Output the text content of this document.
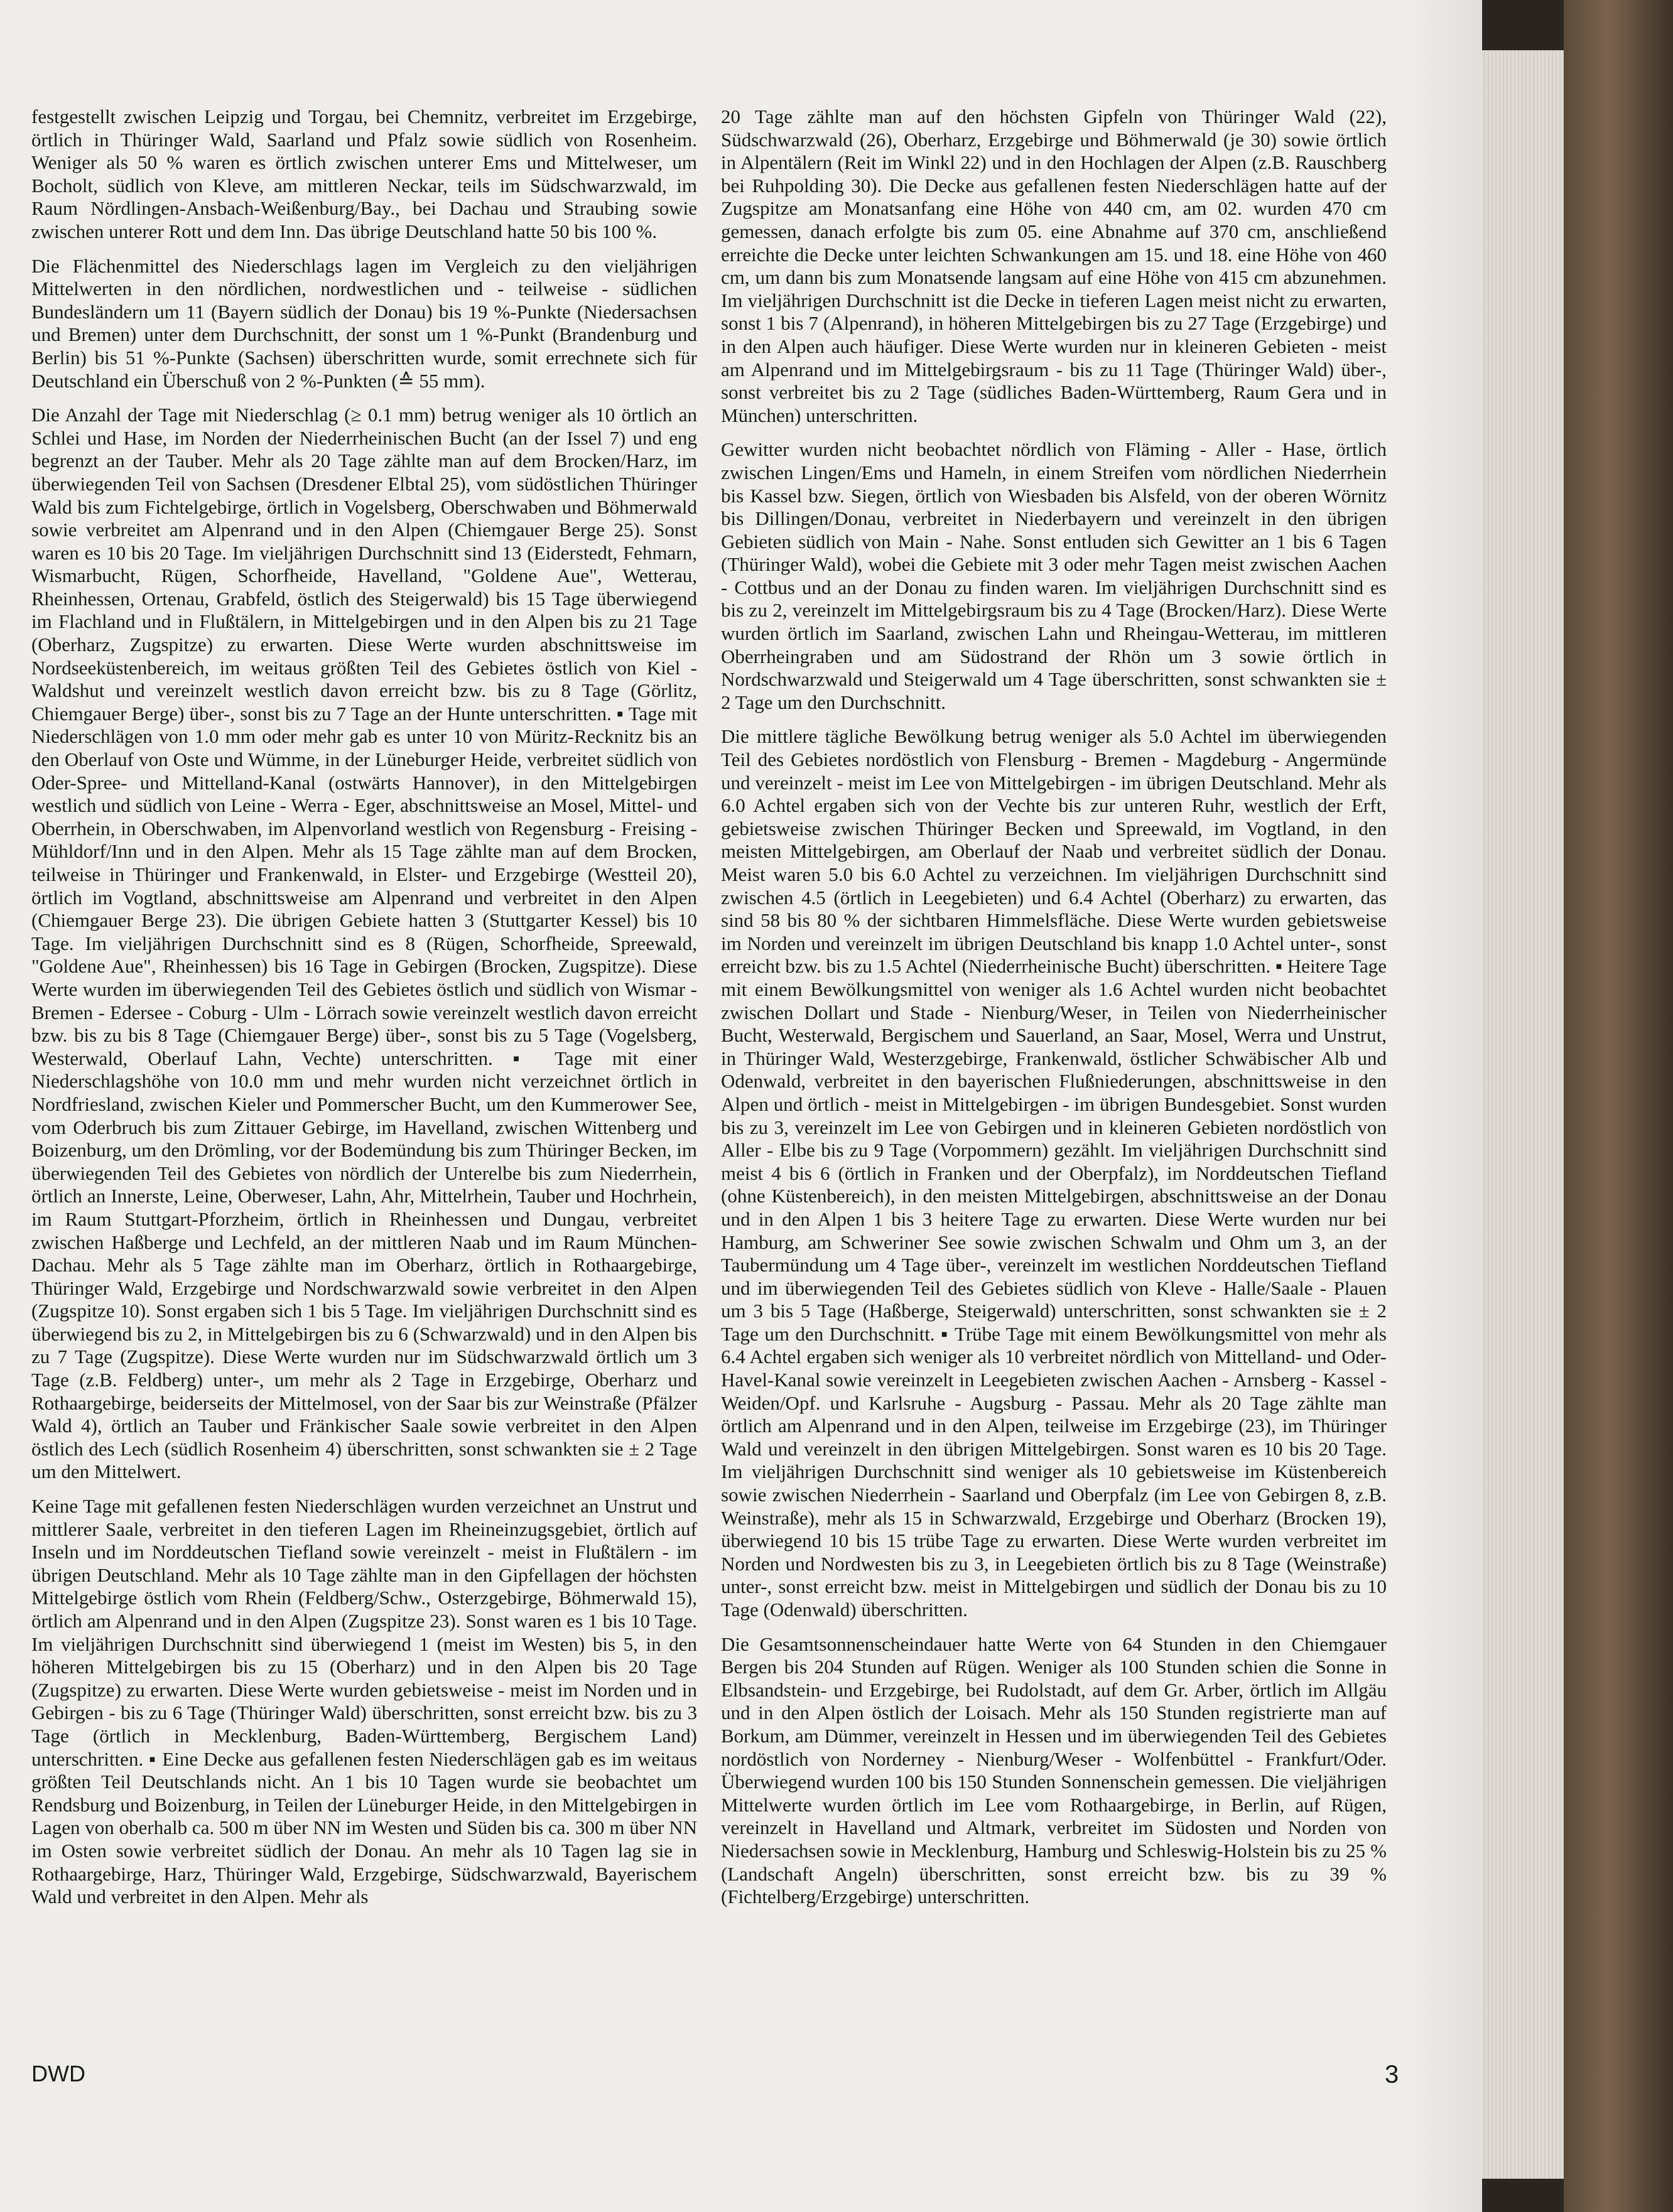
festgestellt zwischen Leipzig und Torgau, bei Chemnitz, verbreitet im Erzgebirge, örtlich in Thüringer Wald, Saarland und Pfalz sowie südlich von Rosenheim. Weniger als 50 % waren es örtlich zwischen unterer Ems und Mittelweser, um Bocholt, südlich von Kleve, am mittleren Neckar, teils im Südschwarzwald, im Raum Nördlingen-Ansbach-Weißenburg/Bay., bei Dachau und Straubing sowie zwischen unterer Rott und dem Inn. Das übrige Deutschland hatte 50 bis 100 %.

Die Flächenmittel des Niederschlags lagen im Vergleich zu den vieljährigen Mittelwerten in den nördlichen, nordwestlichen und - teilweise - südlichen Bundesländern um 11 (Bayern südlich der Donau) bis 19 %-Punkte (Niedersachsen und Bremen) unter dem Durchschnitt, der sonst um 1 %-Punkt (Brandenburg und Berlin) bis 51 %-Punkte (Sachsen) überschritten wurde, somit errechnete sich für Deutschland ein Überschuß von 2 %-Punkten (≙ 55 mm).

Die Anzahl der Tage mit Niederschlag (≥ 0.1 mm) betrug weniger als 10 örtlich an Schlei und Hase, im Norden der Niederrheinischen Bucht (an der Issel 7) und eng begrenzt an der Tauber. Mehr als 20 Tage zählte man auf dem Brocken/Harz, im überwiegenden Teil von Sachsen (Dresdener Elbtal 25), vom südöstlichen Thüringer Wald bis zum Fichtelgebirge, örtlich in Vogelsberg, Oberschwaben und Böhmerwald sowie verbreitet am Alpenrand und in den Alpen (Chiemgauer Berge 25). Sonst waren es 10 bis 20 Tage. Im vieljährigen Durchschnitt sind 13 (Eiderstedt, Fehmarn, Wismarbucht, Rügen, Schorfheide, Havelland, "Goldene Aue", Wetterau, Rheinhessen, Ortenau, Grabfeld, östlich des Steigerwald) bis 15 Tage überwiegend im Flachland und in Flußtälern, in Mittelgebirgen und in den Alpen bis zu 21 Tage (Oberharz, Zugspitze) zu erwarten. Diese Werte wurden abschnittsweise im Nordseeküstenbereich, im weitaus größten Teil des Gebietes östlich von Kiel - Waldshut und vereinzelt westlich davon erreicht bzw. bis zu 8 Tage (Görlitz, Chiemgauer Berge) über-, sonst bis zu 7 Tage an der Hunte unterschritten. ▪ Tage mit Niederschlägen von 1.0 mm oder mehr gab es unter 10 von Müritz-Recknitz bis an den Oberlauf von Oste und Wümme, in der Lüneburger Heide, verbreitet südlich von Oder-Spree- und Mittelland-Kanal (ostwärts Hannover), in den Mittelgebirgen westlich und südlich von Leine - Werra - Eger, abschnittsweise an Mosel, Mittel- und Oberrhein, in Oberschwaben, im Alpenvorland westlich von Regensburg - Freising - Mühldorf/Inn und in den Alpen. Mehr als 15 Tage zählte man auf dem Brocken, teilweise in Thüringer und Frankenwald, in Elster- und Erzgebirge (Westteil 20), örtlich im Vogtland, abschnittsweise am Alpenrand und verbreitet in den Alpen (Chiemgauer Berge 23). Die übrigen Gebiete hatten 3 (Stuttgarter Kessel) bis 10 Tage. Im vieljährigen Durchschnitt sind es 8 (Rügen, Schorfheide, Spreewald, "Goldene Aue", Rheinhessen) bis 16 Tage in Gebirgen (Brocken, Zugspitze). Diese Werte wurden im überwiegenden Teil des Gebietes östlich und südlich von Wismar - Bremen - Edersee - Coburg - Ulm - Lörrach sowie vereinzelt westlich davon erreicht bzw. bis zu bis 8 Tage (Chiemgauer Berge) über-, sonst bis zu 5 Tage (Vogelsberg, Westerwald, Oberlauf Lahn, Vechte) unterschritten. ▪ Tage mit einer Niederschlagshöhe von 10.0 mm und mehr wurden nicht verzeichnet örtlich in Nordfriesland, zwischen Kieler und Pommerscher Bucht, um den Kummerower See, vom Oderbruch bis zum Zittauer Gebirge, im Havelland, zwischen Wittenberg und Boizenburg, um den Drömling, vor der Bodemündung bis zum Thüringer Becken, im überwiegenden Teil des Gebietes von nördlich der Unterelbe bis zum Niederrhein, örtlich an Innerste, Leine, Oberweser, Lahn, Ahr, Mittelrhein, Tauber und Hochrhein, im Raum Stuttgart-Pforzheim, örtlich in Rheinhessen und Dungau, verbreitet zwischen Haßberge und Lechfeld, an der mittleren Naab und im Raum München-Dachau. Mehr als 5 Tage zählte man im Oberharz, örtlich in Rothaargebirge, Thüringer Wald, Erzgebirge und Nordschwarzwald sowie verbreitet in den Alpen (Zugspitze 10). Sonst ergaben sich 1 bis 5 Tage. Im vieljährigen Durchschnitt sind es überwiegend bis zu 2, in Mittelgebirgen bis zu 6 (Schwarzwald) und in den Alpen bis zu 7 Tage (Zugspitze). Diese Werte wurden nur im Südschwarzwald örtlich um 3 Tage (z.B. Feldberg) unter-, um mehr als 2 Tage in Erzgebirge, Oberharz und Rothaargebirge, beiderseits der Mittelmosel, von der Saar bis zur Weinstraße (Pfälzer Wald 4), örtlich an Tauber und Fränkischer Saale sowie verbreitet in den Alpen östlich des Lech (südlich Rosenheim 4) überschritten, sonst schwankten sie ± 2 Tage um den Mittelwert.

Keine Tage mit gefallenen festen Niederschlägen wurden verzeichnet an Unstrut und mittlerer Saale, verbreitet in den tieferen Lagen im Rheineinzugsgebiet, örtlich auf Inseln und im Norddeutschen Tiefland sowie vereinzelt - meist in Flußtälern - im übrigen Deutschland. Mehr als 10 Tage zählte man in den Gipfellagen der höchsten Mittelgebirge östlich vom Rhein (Feldberg/Schw., Osterzgebirge, Böhmerwald 15), örtlich am Alpenrand und in den Alpen (Zugspitze 23). Sonst waren es 1 bis 10 Tage. Im vieljährigen Durchschnitt sind überwiegend 1 (meist im Westen) bis 5, in den höheren Mittelgebirgen bis zu 15 (Oberharz) und in den Alpen bis 20 Tage (Zugspitze) zu erwarten. Diese Werte wurden gebietsweise - meist im Norden und in Gebirgen - bis zu 6 Tage (Thüringer Wald) überschritten, sonst erreicht bzw. bis zu 3 Tage (örtlich in Mecklenburg, Baden-Württemberg, Bergischem Land) unterschritten. ▪ Eine Decke aus gefallenen festen Niederschlägen gab es im weitaus größten Teil Deutschlands nicht. An 1 bis 10 Tagen wurde sie beobachtet um Rendsburg und Boizenburg, in Teilen der Lüneburger Heide, in den Mittelgebirgen in Lagen von oberhalb ca. 500 m über NN im Westen und Süden bis ca. 300 m über NN im Osten sowie verbreitet südlich der Donau. An mehr als 10 Tagen lag sie in Rothaargebirge, Harz, Thüringer Wald, Erzgebirge, Südschwarzwald, Bayerischem Wald und verbreitet in den Alpen. Mehr als

20 Tage zählte man auf den höchsten Gipfeln von Thüringer Wald (22), Südschwarzwald (26), Oberharz, Erzgebirge und Böhmerwald (je 30) sowie örtlich in Alpentälern (Reit im Winkl 22) und in den Hochlagen der Alpen (z.B. Rauschberg bei Ruhpolding 30). Die Decke aus gefallenen festen Niederschlägen hatte auf der Zugspitze am Monatsanfang eine Höhe von 440 cm, am 02. wurden 470 cm gemessen, danach erfolgte bis zum 05. eine Abnahme auf 370 cm, anschließend erreichte die Decke unter leichten Schwankungen am 15. und 18. eine Höhe von 460 cm, um dann bis zum Monatsende langsam auf eine Höhe von 415 cm abzunehmen. Im vieljährigen Durchschnitt ist die Decke in tieferen Lagen meist nicht zu erwarten, sonst 1 bis 7 (Alpenrand), in höheren Mittelgebirgen bis zu 27 Tage (Erzgebirge) und in den Alpen auch häufiger. Diese Werte wurden nur in kleineren Gebieten - meist am Alpenrand und im Mittelgebirgsraum - bis zu 11 Tage (Thüringer Wald) über-, sonst verbreitet bis zu 2 Tage (südliches Baden-Württemberg, Raum Gera und in München) unterschritten.

Gewitter wurden nicht beobachtet nördlich von Fläming - Aller - Hase, örtlich zwischen Lingen/Ems und Hameln, in einem Streifen vom nördlichen Niederrhein bis Kassel bzw. Siegen, örtlich von Wiesbaden bis Alsfeld, von der oberen Wörnitz bis Dillingen/Donau, verbreitet in Niederbayern und vereinzelt in den übrigen Gebieten südlich von Main - Nahe. Sonst entluden sich Gewitter an 1 bis 6 Tagen (Thüringer Wald), wobei die Gebiete mit 3 oder mehr Tagen meist zwischen Aachen - Cottbus und an der Donau zu finden waren. Im vieljährigen Durchschnitt sind es bis zu 2, vereinzelt im Mittelgebirgsraum bis zu 4 Tage (Brocken/Harz). Diese Werte wurden örtlich im Saarland, zwischen Lahn und Rheingau-Wetterau, im mittleren Oberrheingraben und am Südostrand der Rhön um 3 sowie örtlich in Nordschwarzwald und Steigerwald um 4 Tage überschritten, sonst schwankten sie ± 2 Tage um den Durchschnitt.

Die mittlere tägliche Bewölkung betrug weniger als 5.0 Achtel im überwiegenden Teil des Gebietes nordöstlich von Flensburg - Bremen - Magdeburg - Angermünde und vereinzelt - meist im Lee von Mittelgebirgen - im übrigen Deutschland. Mehr als 6.0 Achtel ergaben sich von der Vechte bis zur unteren Ruhr, westlich der Erft, gebietsweise zwischen Thüringer Becken und Spreewald, im Vogtland, in den meisten Mittelgebirgen, am Oberlauf der Naab und verbreitet südlich der Donau. Meist waren 5.0 bis 6.0 Achtel zu verzeichnen. Im vieljährigen Durchschnitt sind zwischen 4.5 (örtlich in Leegebieten) und 6.4 Achtel (Oberharz) zu erwarten, das sind 58 bis 80 % der sichtbaren Himmelsfläche. Diese Werte wurden gebietsweise im Norden und vereinzelt im übrigen Deutschland bis knapp 1.0 Achtel unter-, sonst erreicht bzw. bis zu 1.5 Achtel (Niederrheinische Bucht) überschritten. ▪ Heitere Tage mit einem Bewölkungsmittel von weniger als 1.6 Achtel wurden nicht beobachtet zwischen Dollart und Stade - Nienburg/Weser, in Teilen von Niederrheinischer Bucht, Westerwald, Bergischem und Sauerland, an Saar, Mosel, Werra und Unstrut, in Thüringer Wald, Westerzgebirge, Frankenwald, östlicher Schwäbischer Alb und Odenwald, verbreitet in den bayerischen Flußniederungen, abschnittsweise in den Alpen und örtlich - meist in Mittelgebirgen - im übrigen Bundesgebiet. Sonst wurden bis zu 3, vereinzelt im Lee von Gebirgen und in kleineren Gebieten nordöstlich von Aller - Elbe bis zu 9 Tage (Vorpommern) gezählt. Im vieljährigen Durchschnitt sind meist 4 bis 6 (örtlich in Franken und der Oberpfalz), im Norddeutschen Tiefland (ohne Küstenbereich), in den meisten Mittelgebirgen, abschnittsweise an der Donau und in den Alpen 1 bis 3 heitere Tage zu erwarten. Diese Werte wurden nur bei Hamburg, am Schweriner See sowie zwischen Schwalm und Ohm um 3, an der Taubermündung um 4 Tage über-, vereinzelt im westlichen Norddeutschen Tiefland und im überwiegenden Teil des Gebietes südlich von Kleve - Halle/Saale - Plauen um 3 bis 5 Tage (Haßberge, Steigerwald) unterschritten, sonst schwankten sie ± 2 Tage um den Durchschnitt. ▪ Trübe Tage mit einem Bewölkungsmittel von mehr als 6.4 Achtel ergaben sich weniger als 10 verbreitet nördlich von Mittelland- und Oder-Havel-Kanal sowie vereinzelt in Leegebieten zwischen Aachen - Arnsberg - Kassel - Weiden/Opf. und Karlsruhe - Augsburg - Passau. Mehr als 20 Tage zählte man örtlich am Alpenrand und in den Alpen, teilweise im Erzgebirge (23), im Thüringer Wald und vereinzelt in den übrigen Mittelgebirgen. Sonst waren es 10 bis 20 Tage. Im vieljährigen Durchschnitt sind weniger als 10 gebietsweise im Küstenbereich sowie zwischen Niederrhein - Saarland und Oberpfalz (im Lee von Gebirgen 8, z.B. Weinstraße), mehr als 15 in Schwarzwald, Erzgebirge und Oberharz (Brocken 19), überwiegend 10 bis 15 trübe Tage zu erwarten. Diese Werte wurden verbreitet im Norden und Nordwesten bis zu 3, in Leegebieten örtlich bis zu 8 Tage (Weinstraße) unter-, sonst erreicht bzw. meist in Mittelgebirgen und südlich der Donau bis zu 10 Tage (Odenwald) überschritten.

Die Gesamtsonnenscheindauer hatte Werte von 64 Stunden in den Chiemgauer Bergen bis 204 Stunden auf Rügen. Weniger als 100 Stunden schien die Sonne in Elbsandstein- und Erzgebirge, bei Rudolstadt, auf dem Gr. Arber, örtlich im Allgäu und in den Alpen östlich der Loisach. Mehr als 150 Stunden registrierte man auf Borkum, am Dümmer, vereinzelt in Hessen und im überwiegenden Teil des Gebietes nordöstlich von Norderney - Nienburg/Weser - Wolfenbüttel - Frankfurt/Oder. Überwiegend wurden 100 bis 150 Stunden Sonnenschein gemessen. Die vieljährigen Mittelwerte wurden örtlich im Lee vom Rothaargebirge, in Berlin, auf Rügen, vereinzelt in Havelland und Altmark, verbreitet im Südosten und Norden von Niedersachsen sowie in Mecklenburg, Hamburg und Schleswig-Holstein bis zu 25 % (Landschaft Angeln) überschritten, sonst erreicht bzw. bis zu 39 % (Fichtelberg/Erzgebirge) unterschritten.

DWD	3
